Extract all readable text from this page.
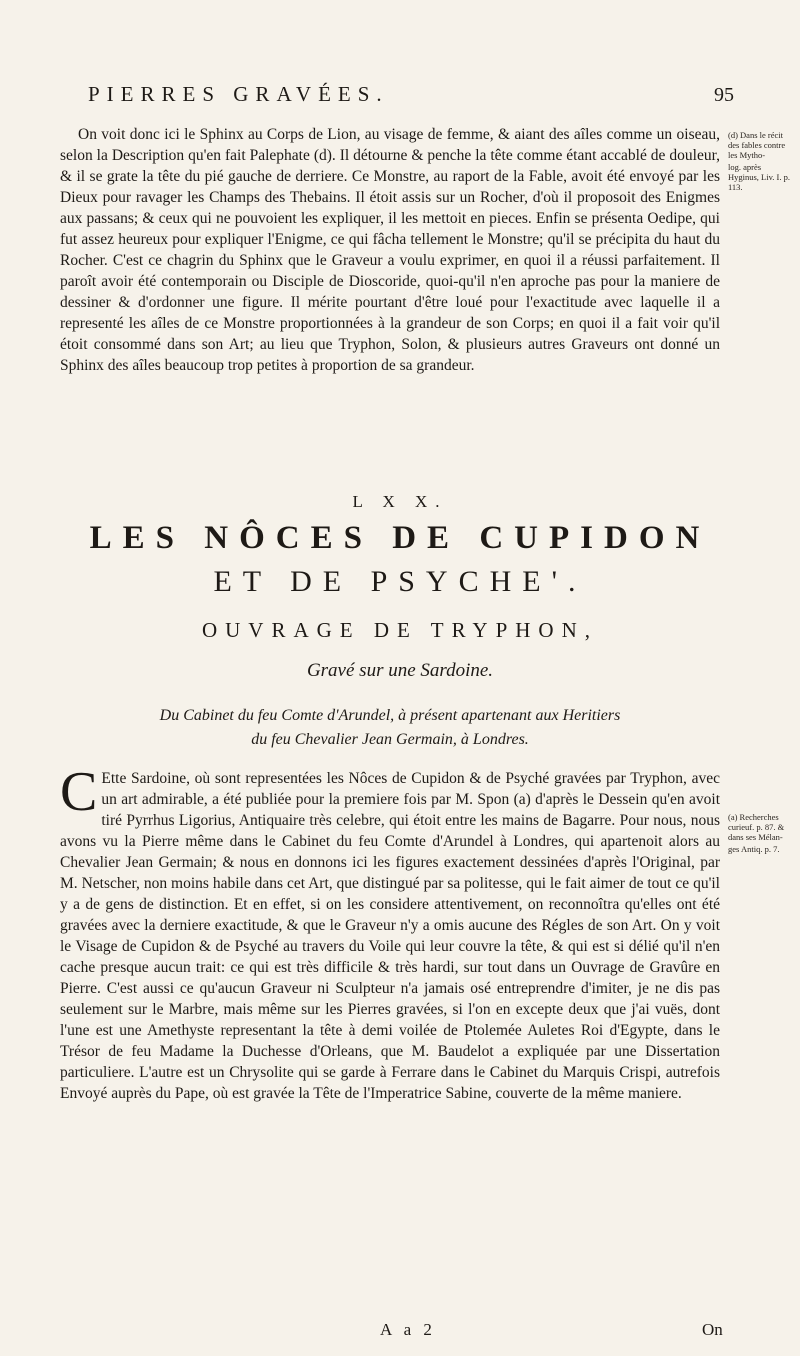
PIERRES GRAVÉES.	95

On voit donc ici le Sphinx au Corps de Lion, au visage de femme, & aiant des aîles comme un oiseau, selon la Description qu'en fait Palephate (d). Il détourne & penche la tête comme étant accablé de douleur, & il se grate la tête du pié gauche de derriere. Ce Monstre, au raport de la Fable, avoit été envoyé par les Dieux pour ravager les Champs des Thebains. Il étoit assis sur un Rocher, d'où il proposoit des Enigmes aux passans; & ceux qui ne pouvoient les expliquer, il les mettoit en pieces. Enfin se présenta Oedipe, qui fut assez heureux pour expliquer l'Enigme, ce qui fâcha tellement le Monstre; qu'il se précipita du haut du Rocher. C'est ce chagrin du Sphinx que le Graveur a voulu exprimer, en quoi il a réussi parfaitement. Il paroît avoir été contemporain ou Disciple de Dioscoride, quoi-qu'il n'en aproche pas pour la maniere de dessiner & d'ordonner une figure. Il mérite pourtant d'être loué pour l'exactitude avec laquelle il a representé les aîles de ce Monstre proportionnées à la grandeur de son Corps; en quoi il a fait voir qu'il étoit consommé dans son Art; au lieu que Tryphon, Solon, & plusieurs autres Graveurs ont donné un Sphinx des aîles beaucoup trop petites à proportion de sa grandeur.

(d) Dans le récit des fables contre les Mytho-
log. après Hyginus, Liv. I. p. 113.
L X X.
LES NÔCES DE CUPIDON
ET DE PSYCHE'.
OUVRAGE DE TRYPHON,
Gravé sur une Sardoine.
Du Cabinet du feu Comte d'Arundel, à présent apartenant aux Heritiers
du feu Chevalier Jean Germain, à Londres.

C Ette Sardoine, où sont representées les Nôces de Cupidon & de Psyché gravées par Tryphon, avec un art admirable, a été publiée pour la premiere fois par M. Spon (a) d'après le Dessein qu'en avoit tiré Pyrrhus Ligorius, Antiquaire très celebre, qui étoit entre les mains de Bagarre. Pour nous, nous avons vu la Pierre même dans le Cabinet du feu Comte d'Arundel à Londres, qui apartenoit alors au Chevalier Jean Germain; & nous en donnons ici les figures exactement dessinées d'après l'Original, par M. Netscher, non moins habile dans cet Art, que distingué par sa politesse, qui le fait aimer de tout ce qu'il y a de gens de distinction. Et en effet, si on les considere attentivement, on reconnoîtra qu'elles ont été gravées avec la derniere exactitude, & que le Graveur n'y a omis aucune des Régles de son Art. On y voit le Visage de Cupidon & de Psyché au travers du Voile qui leur couvre la tête, & qui est si délié qu'il n'en cache presque aucun trait: ce qui est très difficile & très hardi, sur tout dans un Ouvrage de Gravûre en Pierre. C'est aussi ce qu'aucun Graveur ni Sculpteur n'a jamais osé entreprendre d'imiter, je ne dis pas seulement sur le Marbre, mais même sur les Pierres gravées, si l'on en excepte deux que j'ai vuës, dont l'une est une Amethyste representant la tête à demi voilée de Ptolemée Auletes Roi d'Egypte, dans le Trésor de feu Madame la Duchesse d'Orleans, que M. Baudelot a expliquée par une Dissertation particuliere. L'autre est un Chrysolite qui se garde à Ferrare dans le Cabinet du Marquis Crispi, autrefois Envoyé auprès du Pape, où est gravée la Tête de l'Imperatrice Sabine, couverte de la même maniere.

(a) Recherches curieuf. p. 87. & dans ses Mélan-
ges Antiq. p. 7.
A a 2	On
